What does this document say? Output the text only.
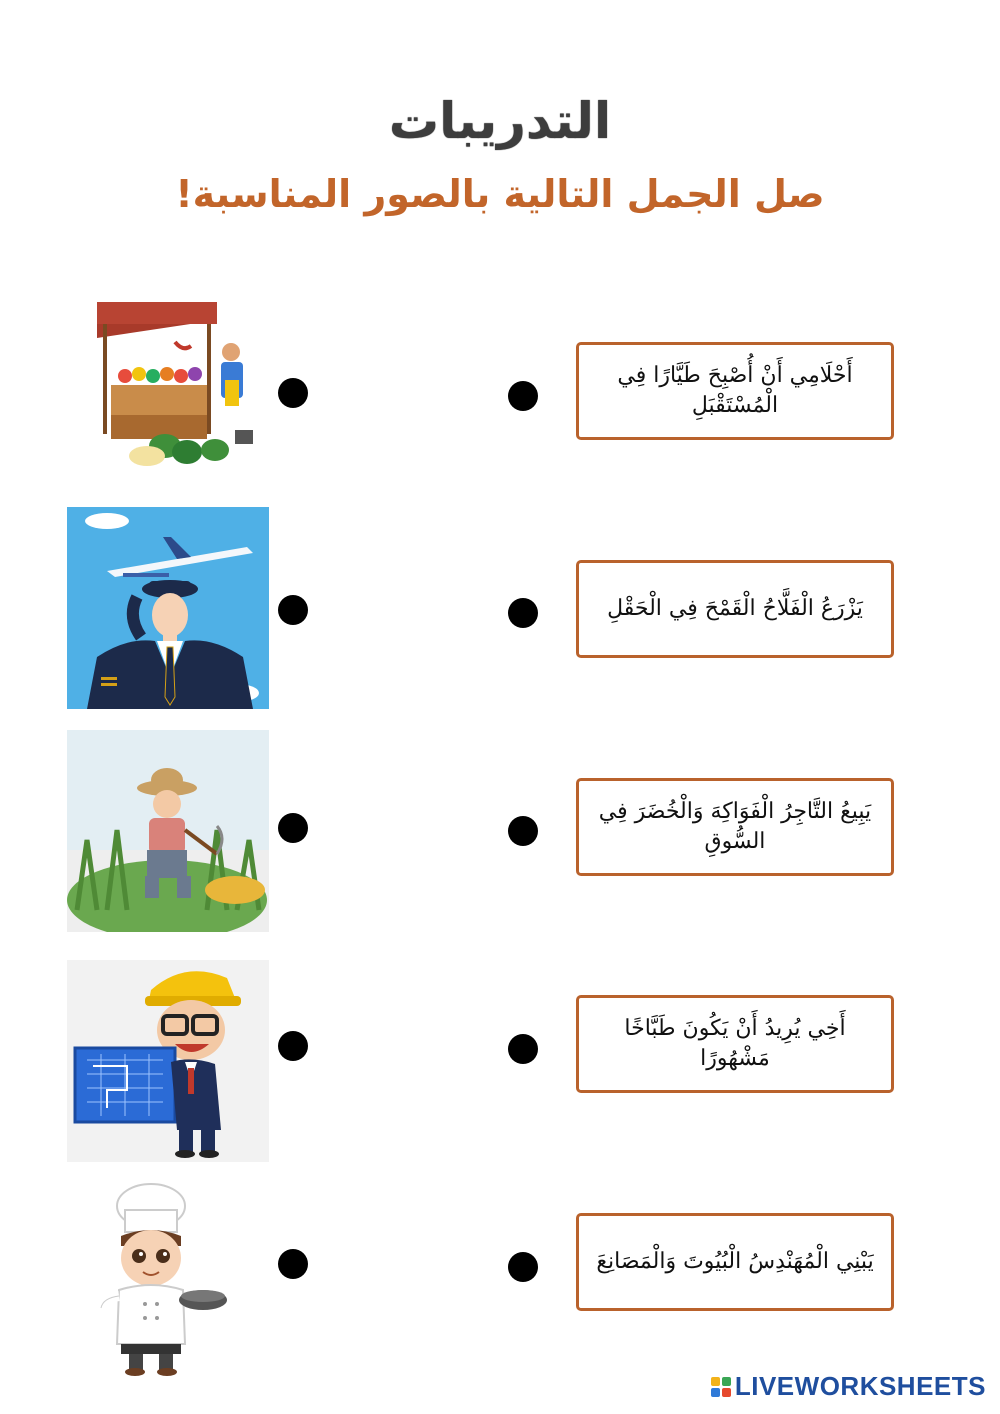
التدريبات
صل الجمل التالية بالصور المناسبة!
أَحْلَامِي أَنْ أُصْبِحَ طَيَّارًا فِي الْمُسْتَقْبَلِ
يَزْرَعُ الْفَلَّاحُ الْقَمْحَ فِي الْحَقْلِ
يَبِيعُ التَّاجِرُ الْفَوَاكِهَ وَالْخُضَرَ فِي السُّوقِ
أَخِي يُرِيدُ أَنْ يَكُونَ طَبَّاخًا مَشْهُورًا
يَبْنِي الْمُهَنْدِسُ الْبُيُوتَ وَالْمَصَانِعَ
LIVEWORKSHEETS
